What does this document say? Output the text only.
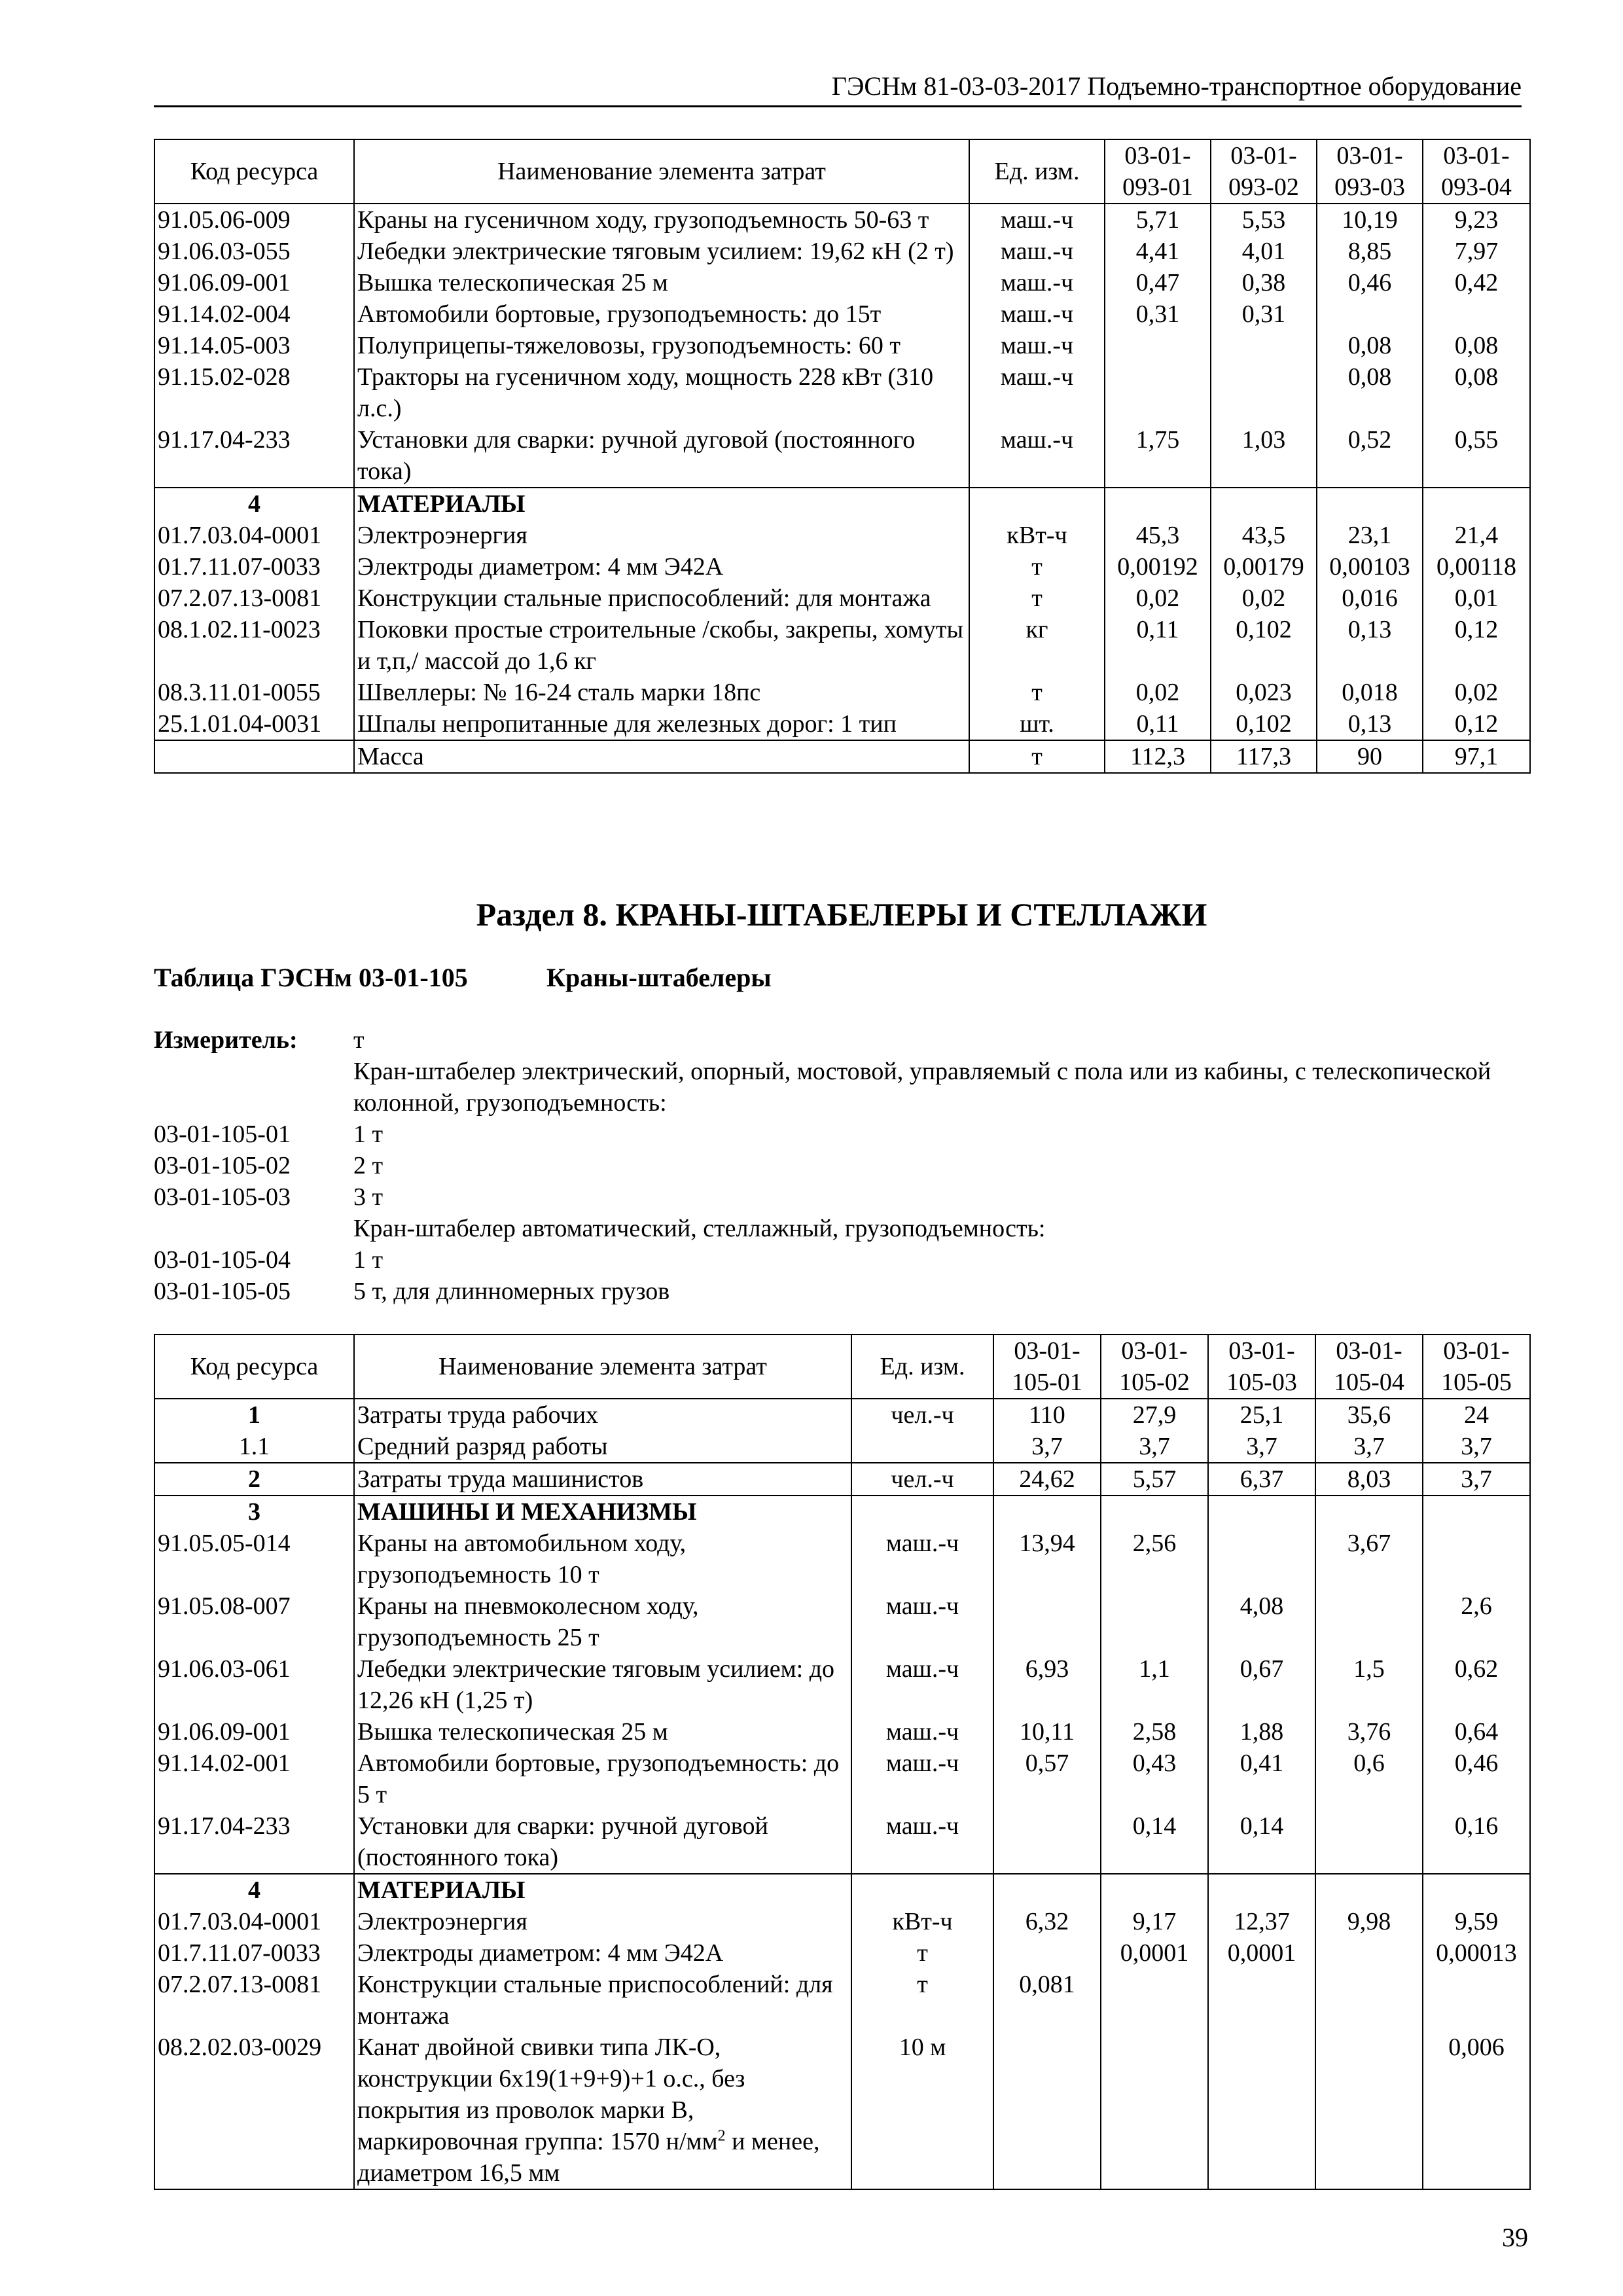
ГЭСНм 81-03-03-2017 Подъемно-транспортное оборудование
Код ресурса	Наименование элемента затрат	Ед. изм.	03-01-093-01	03-01-093-02	03-01-093-03	03-01-093-04
91.05.06-009	Краны на гусеничном ходу, грузоподъемность 50-63 т	маш.-ч	5,71	5,53	10,19	9,23
91.06.03-055	Лебедки электрические тяговым усилием: 19,62 кН (2 т)	маш.-ч	4,41	4,01	8,85	7,97
91.06.09-001	Вышка телескопическая 25 м	маш.-ч	0,47	0,38	0,46	0,42
91.14.02-004	Автомобили бортовые, грузоподъемность: до 15т	маш.-ч	0,31	0,31		
91.14.05-003	Полуприцепы-тяжеловозы, грузоподъемность: 60 т	маш.-ч			0,08	0,08
91.15.02-028	Тракторы на гусеничном ходу, мощность 228 кВт (310 л.с.)	маш.-ч			0,08	0,08
91.17.04-233	Установки для сварки: ручной дуговой (постоянного тока)	маш.-ч	1,75	1,03	0,52	0,55
4	МАТЕРИАЛЫ					
01.7.03.04-0001	Электроэнергия	кВт-ч	45,3	43,5	23,1	21,4
01.7.11.07-0033	Электроды диаметром: 4 мм Э42А	т	0,00192	0,00179	0,00103	0,00118
07.2.07.13-0081	Конструкции стальные приспособлений: для монтажа	т	0,02	0,02	0,016	0,01
08.1.02.11-0023	Поковки простые строительные /скобы, закрепы, хомуты и т,п,/ массой до 1,6 кг	кг	0,11	0,102	0,13	0,12
08.3.11.01-0055	Швеллеры: № 16-24 сталь марки 18пс	т	0,02	0,023	0,018	0,02
25.1.01.04-0031	Шпалы непропитанные для железных дорог: 1 тип	шт.	0,11	0,102	0,13	0,12
	Масса	т	112,3	117,3	90	97,1
Раздел 8. КРАНЫ-ШТАБЕЛЕРЫ И СТЕЛЛАЖИ
Таблица ГЭСНм 03-01-105	Краны-штабелеры
Измеритель:	т
Кран-штабелер электрический, опорный, мостовой, управляемый с пола или из кабины, с телескопической колонной, грузоподъемность:
03-01-105-01	1 т
03-01-105-02	2 т
03-01-105-03	3 т
Кран-штабелер автоматический, стеллажный, грузоподъемность:
03-01-105-04	1 т
03-01-105-05	5 т, для длинномерных грузов
Код ресурса	Наименование элемента затрат	Ед. изм.	03-01-105-01	03-01-105-02	03-01-105-03	03-01-105-04	03-01-105-05
1	Затраты труда рабочих	чел.-ч	110	27,9	25,1	35,6	24
1.1	Средний разряд работы		3,7	3,7	3,7	3,7	3,7
2	Затраты труда машинистов	чел.-ч	24,62	5,57	6,37	8,03	3,7
3	МАШИНЫ И МЕХАНИЗМЫ						
91.05.05-014	Краны на автомобильном ходу, грузоподъемность 10 т	маш.-ч	13,94	2,56		3,67	
91.05.08-007	Краны на пневмоколесном ходу, грузоподъемность 25 т	маш.-ч			4,08		2,6
91.06.03-061	Лебедки электрические тяговым усилием: до 12,26 кН (1,25 т)	маш.-ч	6,93	1,1	0,67	1,5	0,62
91.06.09-001	Вышка телескопическая 25 м	маш.-ч	10,11	2,58	1,88	3,76	0,64
91.14.02-001	Автомобили бортовые, грузоподъемность: до 5 т	маш.-ч	0,57	0,43	0,41	0,6	0,46
91.17.04-233	Установки для сварки: ручной дуговой (постоянного тока)	маш.-ч		0,14	0,14		0,16
4	МАТЕРИАЛЫ						
01.7.03.04-0001	Электроэнергия	кВт-ч	6,32	9,17	12,37	9,98	9,59
01.7.11.07-0033	Электроды диаметром: 4 мм Э42А	т		0,0001	0,0001		0,00013
07.2.07.13-0081	Конструкции стальные приспособлений: для монтажа	т	0,081				
08.2.02.03-0029	Канат двойной свивки типа ЛК-О, конструкции 6х19(1+9+9)+1 о.с., без покрытия из проволок марки В, маркировочная группа: 1570 $н/мм^2$ и менее, диаметром 16,5 мм	10 м					0,006
39
